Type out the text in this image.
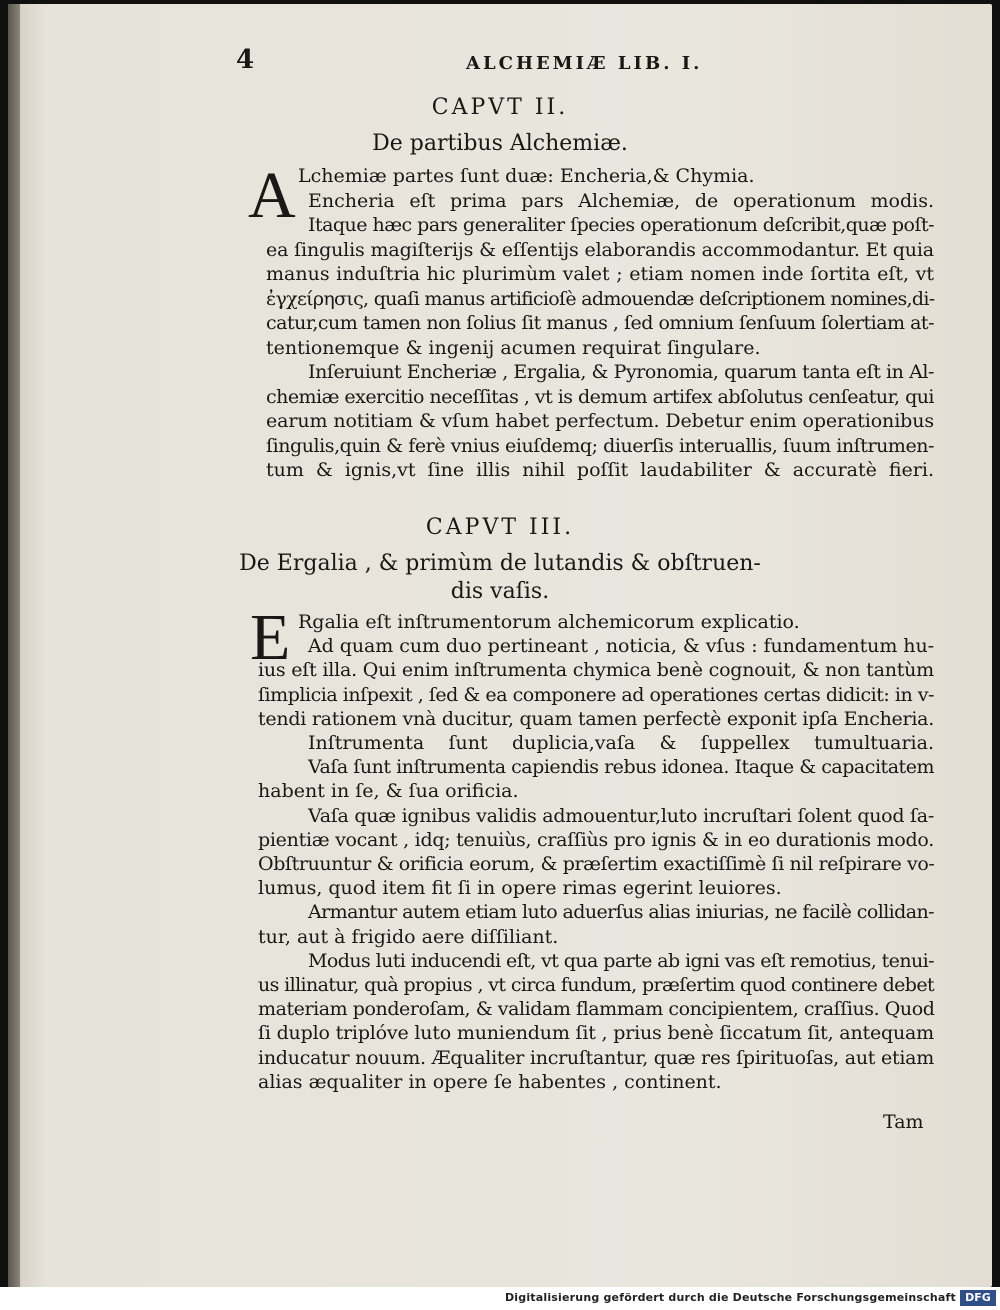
4	ALCHEMIÆ LIB. I.
CAPVT II.
De partibus Alchemiæ.
A Lchemiæ partes ſunt duæ: Encheria,& Chymia.
Encheria eſt prima pars Alchemiæ, de operationum modis.
Itaque hæc pars generaliter ſpecies operationum deſcribit,quæ poſt-
ea ſingulis magiſterijs & eſſentijs elaborandis accommodantur. Et quia
manus induſtria hic plurimùm valet ; etiam nomen inde ſortita eſt, vt
ἐγχείρησις, quaſi manus artificioſè admouendæ deſcriptionem nomines,di-
catur,cum tamen non ſolius ſit manus , ſed omnium ſenſuum ſolertiam at-
tentionemque & ingenij acumen requirat ſingulare.
Inſeruiunt Encheriæ , Ergalia, & Pyronomia, quarum tanta eſt in Al-
chemiæ exercitio neceſſitas , vt is demum artifex abſolutus cenſeatur, qui
earum notitiam & vſum habet perfectum. Debetur enim operationibus
ſingulis,quin & ferè vnius eiuſdemq; diuerſis interuallis, ſuum inſtrumen-
tum & ignis,vt ſine illis nihil poſſit laudabiliter & accuratè fieri.
CAPVT III.
De Ergalia , & primùm de lutandis & obſtruen-
dis vaſis.
E Rgalia eſt inſtrumentorum alchemicorum explicatio.
Ad quam cum duo pertineant , noticia, & vſus : fundamentum hu-
ius eſt illa. Qui enim inſtrumenta chymica benè cognouit, & non tantùm
ſimplicia inſpexit , ſed & ea componere ad operationes certas didicit: in v-
tendi rationem vnà ducitur, quam tamen perfectè exponit ipſa Encheria.
Inſtrumenta ſunt duplicia,vaſa & ſuppellex tumultuaria.
Vaſa ſunt inſtrumenta capiendis rebus idonea. Itaque & capacitatem
habent in ſe, & ſua orificia.
Vaſa quæ ignibus validis admouentur,luto incruſtari ſolent quod ſa-
pientiæ vocant , idq; tenuiùs, craſſiùs pro ignis & in eo durationis modo.
Obſtruuntur & orificia eorum, & præſertim exactiſſimè ſi nil reſpirare vo-
lumus, quod item fit ſi in opere rimas egerint leuiores.
Armantur autem etiam luto aduerſus alias iniurias, ne facilè collidan-
tur, aut à frigido aere diſſiliant.
Modus luti inducendi eſt, vt qua parte ab igni vas eſt remotius, tenui-
us illinatur, quà propius , vt circa fundum, præſertim quod continere debet
materiam ponderoſam, & validam flammam concipientem, craſſius. Quod
ſi duplo triplóve luto muniendum ſit , prius benè ſiccatum ſit, antequam
inducatur nouum. Æqualiter incruſtantur, quæ res ſpirituoſas, aut etiam
alias æqualiter in opere ſe habentes , continent.
Tam
Digitalisierung gefördert durch die Deutsche Forschungsgemeinschaft DFG
